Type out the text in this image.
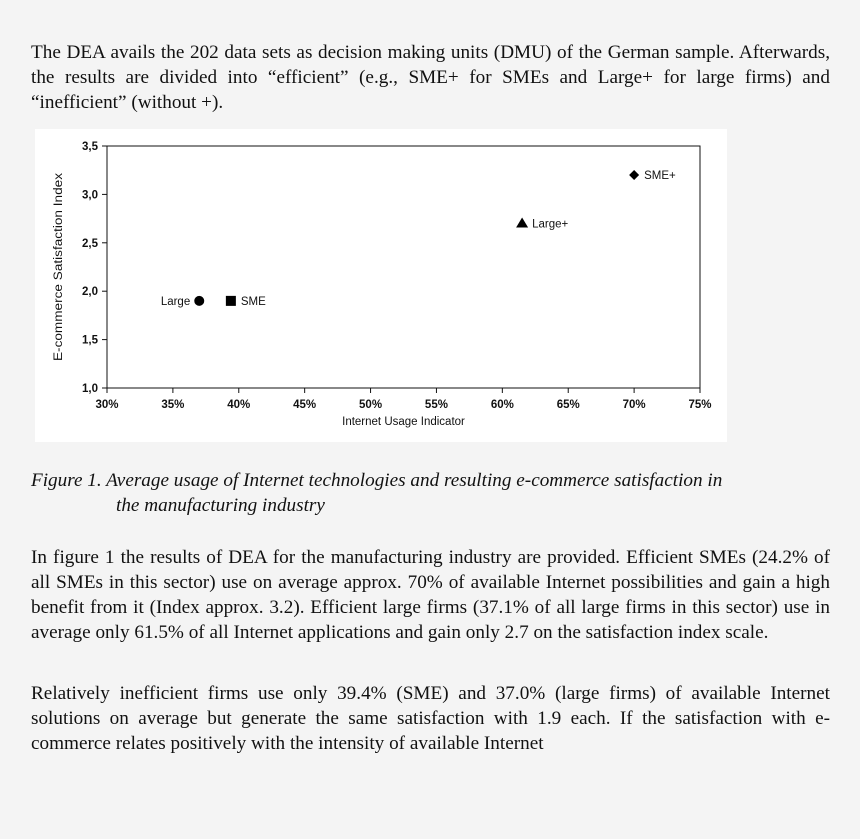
The DEA avails the 202 data sets as decision making units (DMU) of the German sample. Afterwards, the results are divided into “efficient” (e.g., SME+ for SMEs and Large+ for large firms) and “inefficient” (without +).

1,0
1,5
2,0
2,5
3,0
3,5
30%	35%	40%	45%	50%	55%	60%	65%	70%	75%
Internet Usage Indicator
E-commerce Satisfaction Index
SME+
Large+
SME
Large

Figure 1. Average usage of Internet technologies and resulting e-commerce satisfaction in
the manufacturing industry

In figure 1 the results of DEA for the manufacturing industry are provided. Efficient SMEs (24.2% of all SMEs in this sector) use on average approx. 70% of available Internet possibilities and gain a high benefit from it (Index approx. 3.2). Efficient large firms (37.1% of all large firms in this sector) use in average only 61.5% of all Internet applications and gain only 2.7 on the satisfaction index scale.

Relatively inefficient firms use only 39.4% (SME) and 37.0% (large firms) of available Internet solutions on average but generate the same satisfaction with 1.9 each. If the satisfaction with e-commerce relates positively with the intensity of available Internet
